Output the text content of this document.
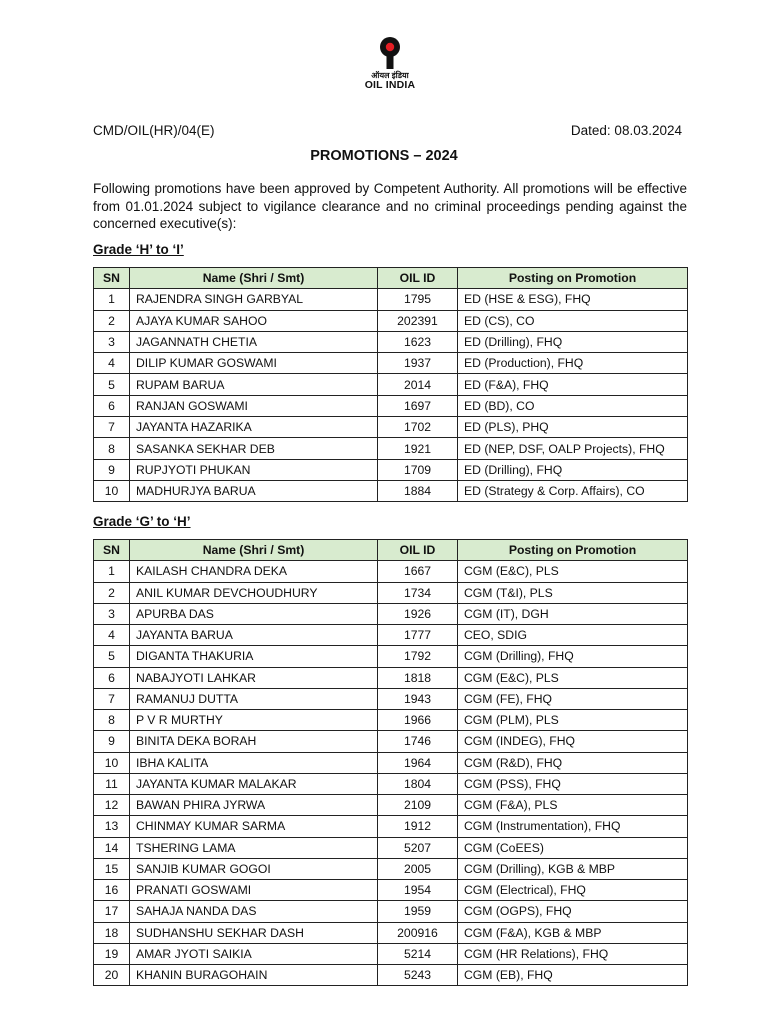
ऑयल इंडिया
OIL INDIA
CMD/OIL(HR)/04(E)	Dated: 08.03.2024
PROMOTIONS – 2024
Following promotions have been approved by Competent Authority. All promotions will be effective from 01.01.2024 subject to vigilance clearance and no criminal proceedings pending against the concerned executive(s):
Grade ‘H’ to ‘I’
SN	Name (Shri / Smt)	OIL ID	Posting on Promotion
1	RAJENDRA SINGH GARBYAL	1795	ED (HSE & ESG), FHQ
2	AJAYA KUMAR SAHOO	202391	ED (CS), CO
3	JAGANNATH CHETIA	1623	ED (Drilling), FHQ
4	DILIP KUMAR GOSWAMI	1937	ED (Production), FHQ
5	RUPAM BARUA	2014	ED (F&A), FHQ
6	RANJAN GOSWAMI	1697	ED (BD), CO
7	JAYANTA HAZARIKA	1702	ED (PLS), PHQ
8	SASANKA SEKHAR DEB	1921	ED (NEP, DSF, OALP Projects), FHQ
9	RUPJYOTI PHUKAN	1709	ED (Drilling), FHQ
10	MADHURJYA BARUA	1884	ED (Strategy & Corp. Affairs), CO
Grade ‘G’ to ‘H’
SN	Name (Shri / Smt)	OIL ID	Posting on Promotion
1	KAILASH CHANDRA DEKA	1667	CGM (E&C), PLS
2	ANIL KUMAR DEVCHOUDHURY	1734	CGM (T&I), PLS
3	APURBA DAS	1926	CGM (IT), DGH
4	JAYANTA BARUA	1777	CEO, SDIG
5	DIGANTA THAKURIA	1792	CGM (Drilling), FHQ
6	NABAJYOTI LAHKAR	1818	CGM (E&C), PLS
7	RAMANUJ DUTTA	1943	CGM (FE), FHQ
8	P V R MURTHY	1966	CGM (PLM), PLS
9	BINITA DEKA BORAH	1746	CGM (INDEG), FHQ
10	IBHA KALITA	1964	CGM (R&D), FHQ
11	JAYANTA KUMAR MALAKAR	1804	CGM (PSS), FHQ
12	BAWAN PHIRA JYRWA	2109	CGM (F&A), PLS
13	CHINMAY KUMAR SARMA	1912	CGM (Instrumentation), FHQ
14	TSHERING LAMA	5207	CGM (CoEES)
15	SANJIB KUMAR GOGOI	2005	CGM (Drilling), KGB & MBP
16	PRANATI GOSWAMI	1954	CGM (Electrical), FHQ
17	SAHAJA NANDA DAS	1959	CGM (OGPS), FHQ
18	SUDHANSHU SEKHAR DASH	200916	CGM (F&A), KGB & MBP
19	AMAR JYOTI SAIKIA	5214	CGM (HR Relations), FHQ
20	KHANIN BURAGOHAIN	5243	CGM (EB), FHQ
